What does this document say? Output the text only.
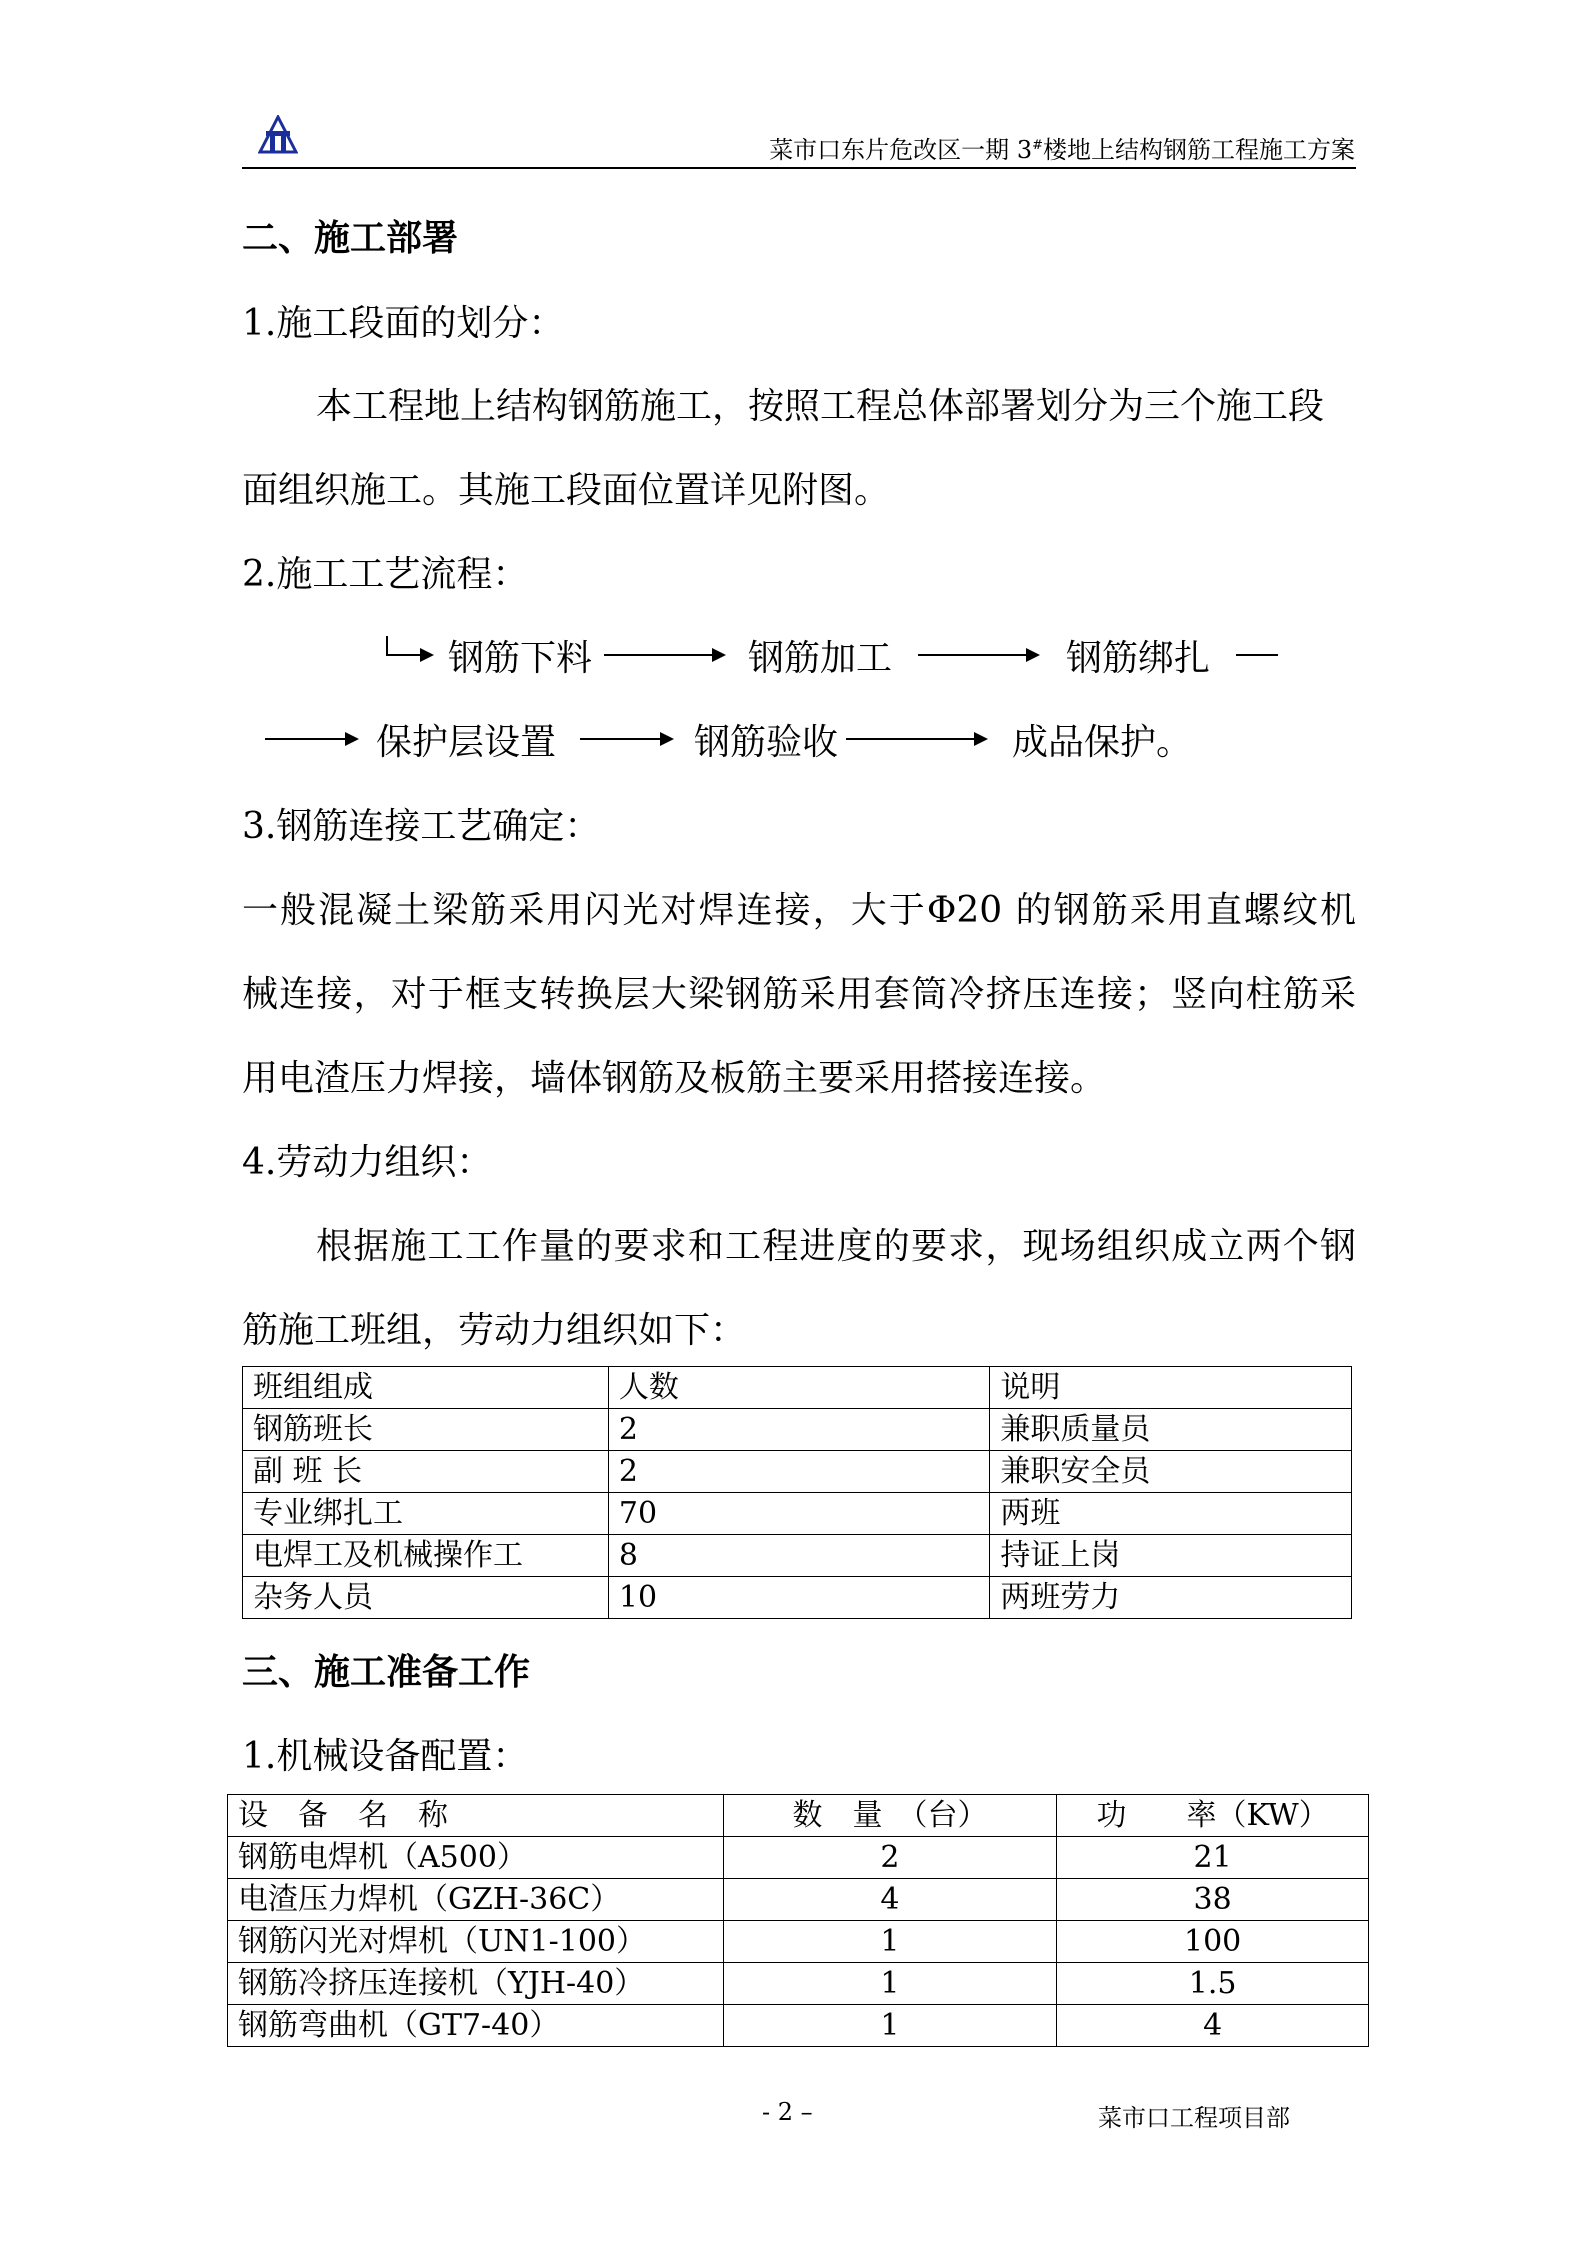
菜市口东片危改区一期 3#楼地上结构钢筋工程施工方案
二、施工部署
1.施工段面的划分：
本工程地上结构钢筋施工，按照工程总体部署划分为三个施工段
面组织施工。其施工段面位置详见附图。
2.施工工艺流程：
钢筋下料	钢筋加工	钢筋绑扎
保护层设置	钢筋验收	成品保护。
3.钢筋连接工艺确定：
一般混凝土梁筋采用闪光对焊连接，大于Φ20 的钢筋采用直螺纹机
械连接，对于框支转换层大梁钢筋采用套筒冷挤压连接；竖向柱筋采
用电渣压力焊接，墙体钢筋及板筋主要采用搭接连接。
4.劳动力组织：
根据施工工作量的要求和工程进度的要求，现场组织成立两个钢
筋施工班组，劳动力组织如下：
班组组成	人数	说明
钢筋班长	2	兼职质量员
副 班 长	2	兼职安全员
专业绑扎工	70	两班
电焊工及机械操作工	8	持证上岗
杂务人员	10	两班劳力
三、施工准备工作
1.机械设备配置：
设　备　名　称	数　量　（台）	功　　率（KW）
钢筋电焊机（A500）	2	21
电渣压力焊机（GZH-36C）	4	38
钢筋闪光对焊机（UN1-100）	1	100
钢筋冷挤压连接机（YJH-40）	1	1.5
钢筋弯曲机（GT7-40）	1	4
- 2 –	菜市口工程项目部
